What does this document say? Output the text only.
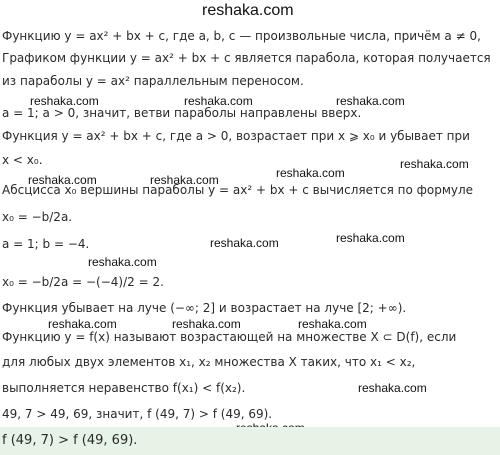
reshaka.com
reshaka.com	reshaka.com	reshaka.com
reshaka.com
reshaka.com
reshaka.com	reshaka.com
reshaka.com	reshaka.com
reshaka.com
reshaka.com	reshaka.com	reshaka.com
reshaka.com
Функцию y = ax² + bx + c, где a, b, c — произвольные числа, причём a ≠ 0,
Графиком функции y = ax² + bx + c является парабола, которая получается
из параболы y = ax² параллельным переносом.
a = 1; a > 0, значит, ветви параболы направлены вверх.
Функция y = ax² + bx + c, где a > 0, возрастает при x ⩾ x₀ и убывает при
x < x₀.
Абсцисса x₀ вершины параболы y = ax² + bx + c вычисляется по формуле
x₀ = −b/2a.
a = 1; b = −4.
x₀ = −b/2a = −(−4)/2 = 2.
Функция убывает на луче (−∞; 2] и возрастает на луче [2; +∞).
Функцию y = f(x) называют возрастающей на множестве X ⊂ D(f), если
для любых двух элементов x₁, x₂ множества X таких, что x₁ < x₂,
выполняется неравенство f(x₁) < f(x₂).
49, 7 > 49, 69, значит, f (49, 7) > f (49, 69).
f (49, 7) > f (49, 69).
